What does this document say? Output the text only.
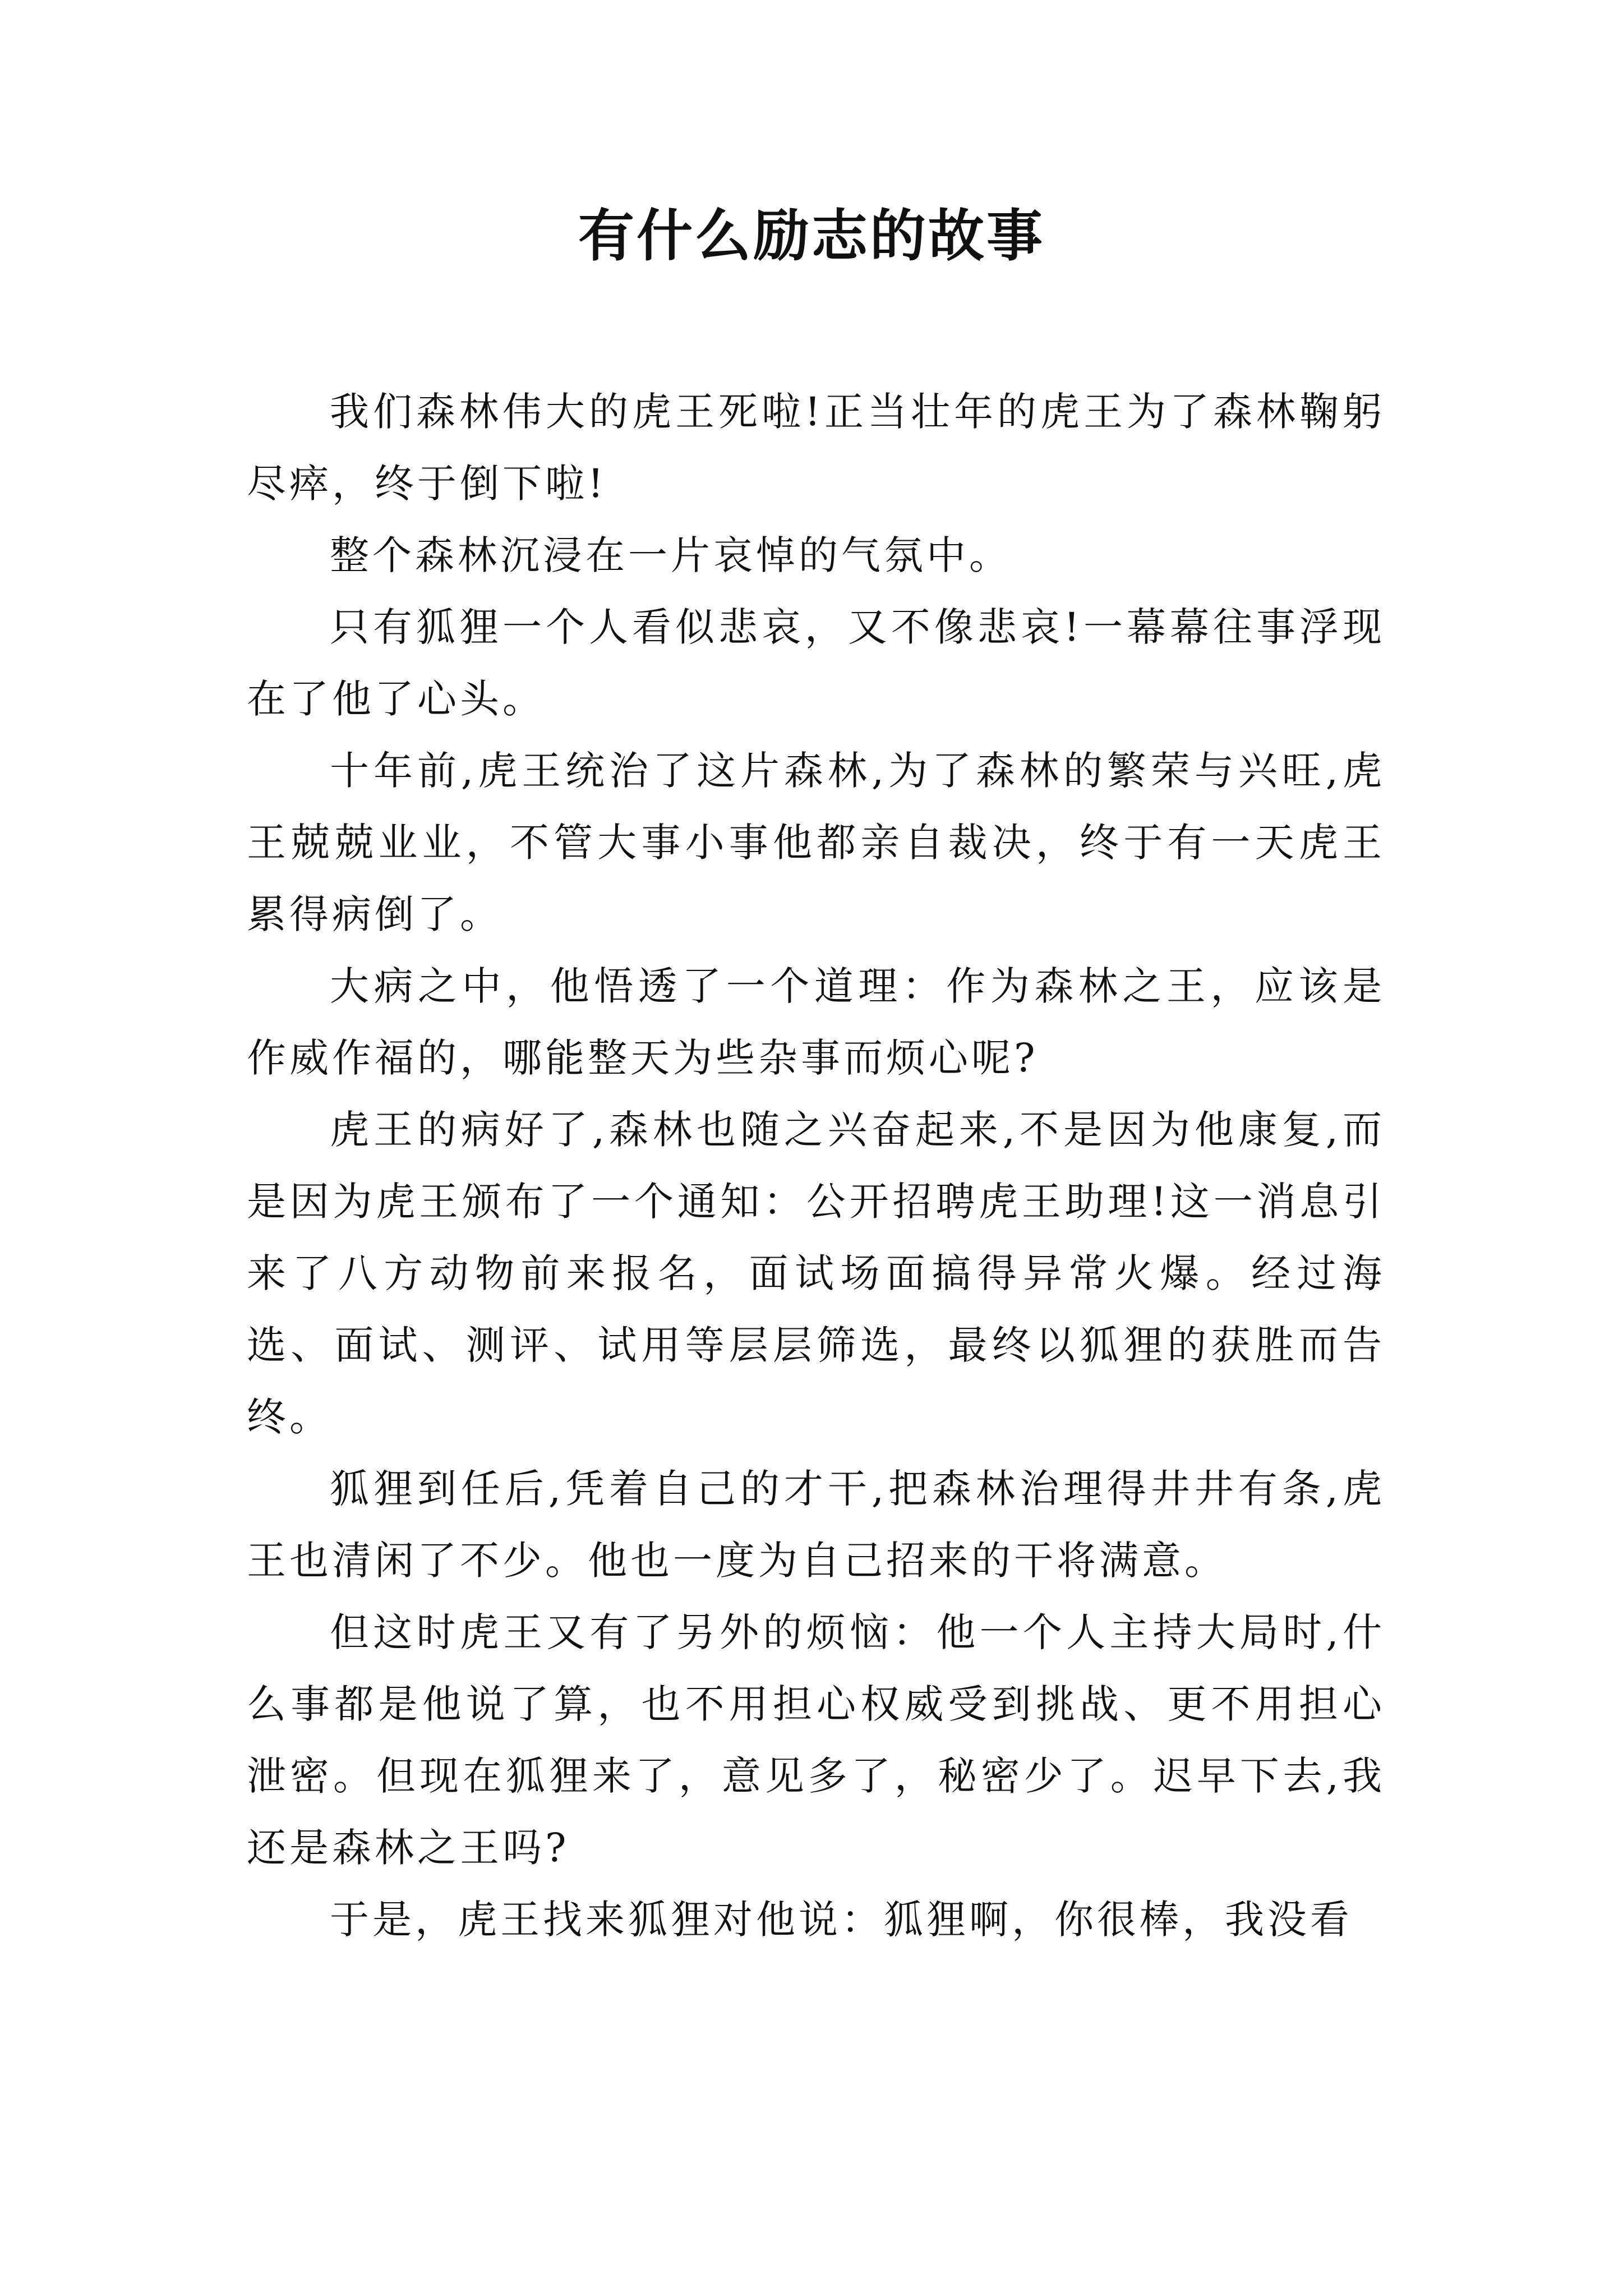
有什么励志的故事

我们森林伟大的虎王死啦!正当壮年的虎王为了森林鞠躬尽瘁，终于倒下啦!

整个森林沉浸在一片哀悼的气氛中。

只有狐狸一个人看似悲哀，又不像悲哀!一幕幕往事浮现在了他了心头。

十年前,虎王统治了这片森林,为了森林的繁荣与兴旺,虎王兢兢业业，不管大事小事他都亲自裁决，终于有一天虎王累得病倒了。

大病之中，他悟透了一个道理：作为森林之王，应该是作威作福的，哪能整天为些杂事而烦心呢?

虎王的病好了,森林也随之兴奋起来,不是因为他康复,而是因为虎王颁布了一个通知：公开招聘虎王助理!这一消息引来了八方动物前来报名，面试场面搞得异常火爆。经过海选、面试、测评、试用等层层筛选，最终以狐狸的获胜而告终。

狐狸到任后,凭着自己的才干,把森林治理得井井有条,虎王也清闲了不少。他也一度为自己招来的干将满意。

但这时虎王又有了另外的烦恼：他一个人主持大局时,什么事都是他说了算，也不用担心权威受到挑战、更不用担心泄密。但现在狐狸来了，意见多了，秘密少了。迟早下去,我还是森林之王吗?

于是，虎王找来狐狸对他说：狐狸啊，你很棒，我没看
